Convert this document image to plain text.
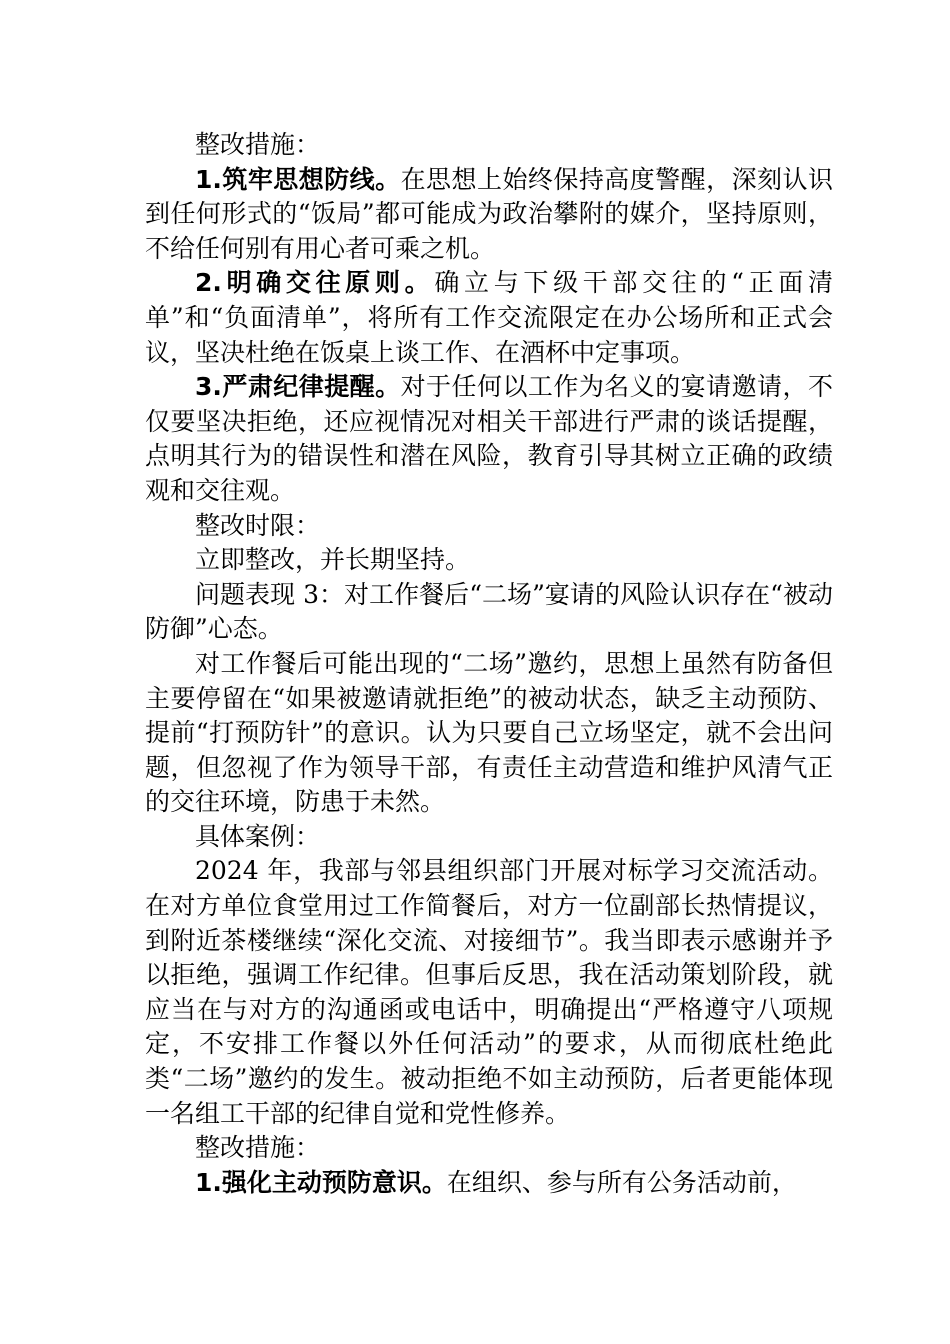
整改措施：

1.筑牢思想防线。在思想上始终保持高度警醒，深刻认识到任何形式的“饭局”都可能成为政治攀附的媒介，坚持原则，不给任何别有用心者可乘之机。

2.明确交往原则。确立与下级干部交往的“正面清单”和“负面清单”，将所有工作交流限定在办公场所和正式会议，坚决杜绝在饭桌上谈工作、在酒杯中定事项。

3.严肃纪律提醒。对于任何以工作为名义的宴请邀请，不仅要坚决拒绝，还应视情况对相关干部进行严肃的谈话提醒，点明其行为的错误性和潜在风险，教育引导其树立正确的政绩观和交往观。

整改时限：

立即整改，并长期坚持。

问题表现 3：对工作餐后“二场”宴请的风险认识存在“被动防御”心态。

对工作餐后可能出现的“二场”邀约，思想上虽然有防备但主要停留在“如果被邀请就拒绝”的被动状态，缺乏主动预防、提前“打预防针”的意识。认为只要自己立场坚定，就不会出问题，但忽视了作为领导干部，有责任主动营造和维护风清气正的交往环境，防患于未然。

具体案例：

2024 年，我部与邻县组织部门开展对标学习交流活动。在对方单位食堂用过工作简餐后，对方一位副部长热情提议，到附近茶楼继续“深化交流、对接细节”。我当即表示感谢并予以拒绝，强调工作纪律。但事后反思，我在活动策划阶段，就应当在与对方的沟通函或电话中，明确提出“严格遵守八项规定，不安排工作餐以外任何活动”的要求，从而彻底杜绝此类“二场”邀约的发生。被动拒绝不如主动预防，后者更能体现一名组工干部的纪律自觉和党性修养。

整改措施：

1.强化主动预防意识。在组织、参与所有公务活动前，
